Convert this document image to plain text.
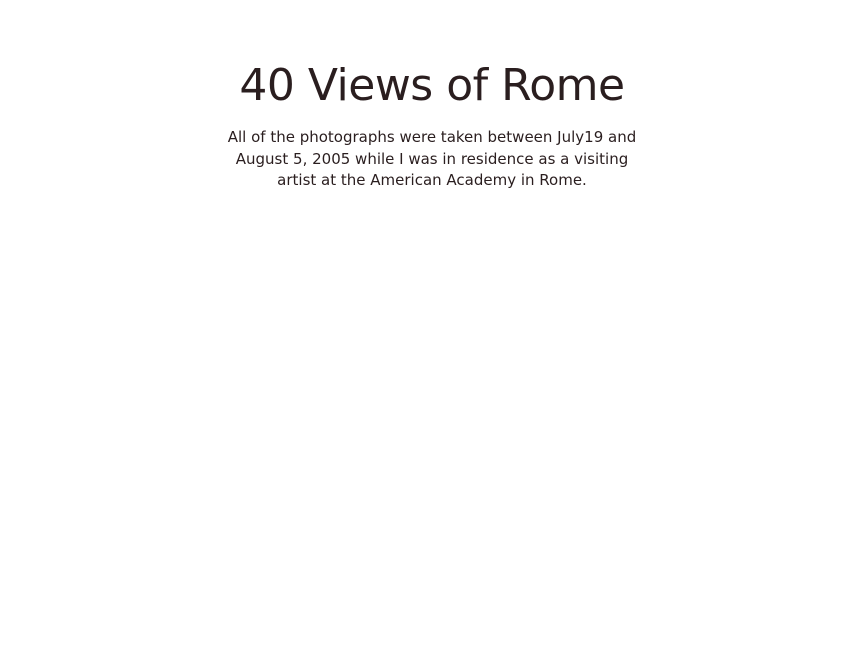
40 Views of Rome

All of the photographs were taken between July19 and August 5, 2005 while I was in residence as a visiting artist at the American Academy in Rome.
